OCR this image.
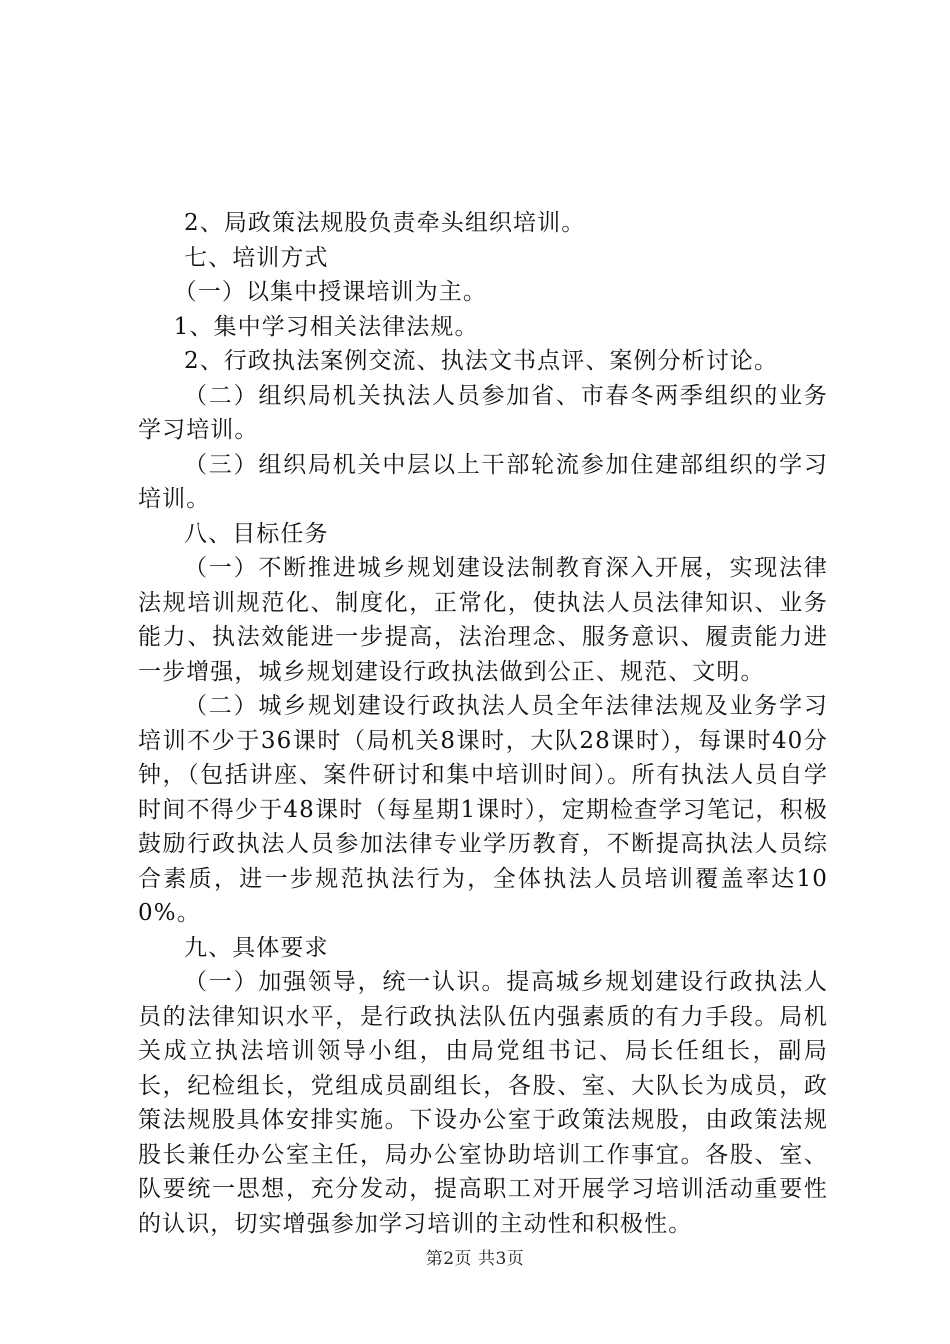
2、局政策法规股负责牵头组织培训。

七、培训方式

（一）以集中授课培训为主。

1、集中学习相关法律法规。

2、行政执法案例交流、执法文书点评、案例分析讨论。

（二）组织局机关执法人员参加省、市春冬两季组织的业务学习培训。

（三）组织局机关中层以上干部轮流参加住建部组织的学习培训。

八、目标任务

（一）不断推进城乡规划建设法制教育深入开展，实现法律法规培训规范化、制度化，正常化，使执法人员法律知识、业务能力、执法效能进一步提高，法治理念、服务意识、履责能力进一步增强，城乡规划建设行政执法做到公正、规范、文明。

（二）城乡规划建设行政执法人员全年法律法规及业务学习培训不少于36课时（局机关8课时，大队28课时），每课时40分钟，（包括讲座、案件研讨和集中培训时间）。所有执法人员自学时间不得少于48课时（每星期1课时），定期检查学习笔记，积极鼓励行政执法人员参加法律专业学历教育，不断提高执法人员综合素质，进一步规范执法行为，全体执法人员培训覆盖率达100%。

九、具体要求

（一）加强领导，统一认识。提高城乡规划建设行政执法人员的法律知识水平，是行政执法队伍内强素质的有力手段。局机关成立执法培训领导小组，由局党组书记、局长任组长，副局长，纪检组长，党组成员副组长，各股、室、大队长为成员，政策法规股具体安排实施。下设办公室于政策法规股，由政策法规股长兼任办公室主任，局办公室协助培训工作事宜。各股、室、队要统一思想，充分发动，提高职工对开展学习培训活动重要性的认识，切实增强参加学习培训的主动性和积极性。

第2页 共3页
